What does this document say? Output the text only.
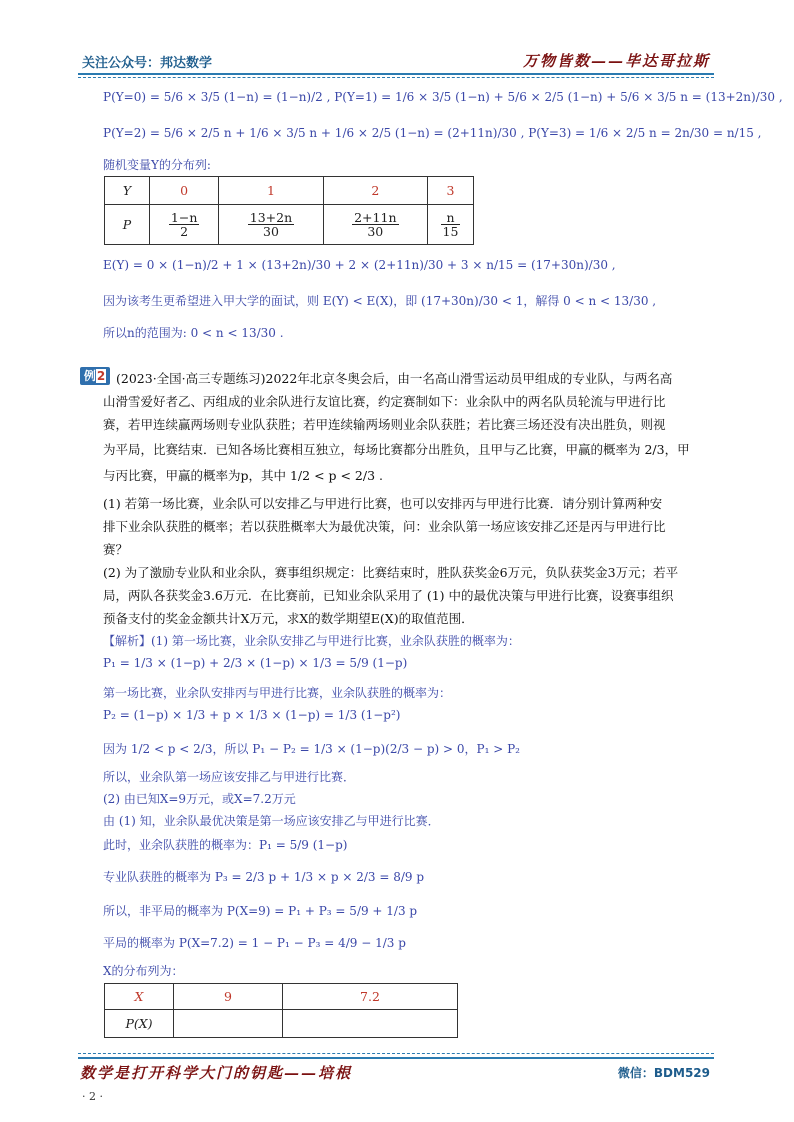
关注公众号：邦达数学	万物皆数——毕达哥拉斯
P(Y=0) = 5/6 × 3/5 (1−n) = (1−n)/2 , P(Y=1) = 1/6 × 3/5 (1−n) + 5/6 × 2/5 (1−n) + 5/6 × 3/5 n = (13+2n)/30 ,
P(Y=2) = 5/6 × 2/5 n + 1/6 × 3/5 n + 1/6 × 2/5 (1−n) = (2+11n)/30 , P(Y=3) = 1/6 × 2/5 n = 2n/30 = n/15 ,
随机变量Y的分布列:
Y	0	1	2	3
P	$\frac{1-n}{2}$	$\frac{13+2n}{30}$	$\frac{2+11n}{30}$	$\frac{n}{15}$
E(Y) = 0 × (1−n)/2 + 1 × (13+2n)/30 + 2 × (2+11n)/30 + 3 × n/15 = (17+30n)/30 ,
因为该考生更希望进入甲大学的面试，则 E(Y) < E(X)，即 (17+30n)/30 < 1，解得 0 < n < 13/30 ,
所以n的范围为: 0 < n < 13/30 .
例2 (2023·全国·高三专题练习)2022年北京冬奥会后，由一名高山滑雪运动员甲组成的专业队，与两名高
山滑雪爱好者乙、丙组成的业余队进行友谊比赛，约定赛制如下：业余队中的两名队员轮流与甲进行比
赛，若甲连续赢两场则专业队获胜；若甲连续输两场则业余队获胜；若比赛三场还没有决出胜负，则视
为平局，比赛结束．已知各场比赛相互独立，每场比赛都分出胜负，且甲与乙比赛，甲赢的概率为 2/3，甲
与丙比赛，甲赢的概率为p，其中 1/2 < p < 2/3 .
(1) 若第一场比赛，业余队可以安排乙与甲进行比赛，也可以安排丙与甲进行比赛．请分别计算两种安
排下业余队获胜的概率；若以获胜概率大为最优决策，问：业余队第一场应该安排乙还是丙与甲进行比
赛？
(2) 为了激励专业队和业余队，赛事组织规定：比赛结束时，胜队获奖金6万元，负队获奖金3万元；若平
局，两队各获奖金3.6万元．在比赛前，已知业余队采用了 (1) 中的最优决策与甲进行比赛，设赛事组织
预备支付的奖金金额共计X万元，求X的数学期望E(X)的取值范围．
【解析】(1) 第一场比赛，业余队安排乙与甲进行比赛，业余队获胜的概率为：
P₁ = 1/3 × (1−p) + 2/3 × (1−p) × 1/3 = 5/9 (1−p)
第一场比赛，业余队安排丙与甲进行比赛，业余队获胜的概率为：
P₂ = (1−p) × 1/3 + p × 1/3 × (1−p) = 1/3 (1−p²)
因为 1/2 < p < 2/3，所以 P₁ − P₂ = 1/3 × (1−p)(2/3 − p) > 0，P₁ > P₂
所以，业余队第一场应该安排乙与甲进行比赛．
(2) 由已知X=9万元，或X=7.2万元
由 (1) 知，业余队最优决策是第一场应该安排乙与甲进行比赛．
此时，业余队获胜的概率为：P₁ = 5/9 (1−p)
专业队获胜的概率为 P₃ = 2/3 p + 1/3 × p × 2/3 = 8/9 p
所以，非平局的概率为 P(X=9) = P₁ + P₃ = 5/9 + 1/3 p
平局的概率为 P(X=7.2) = 1 − P₁ − P₃ = 4/9 − 1/3 p
X的分布列为：
X	9	7.2
P(X)		
数学是打开科学大门的钥匙——培根	微信：BDM529
· 2 ·
